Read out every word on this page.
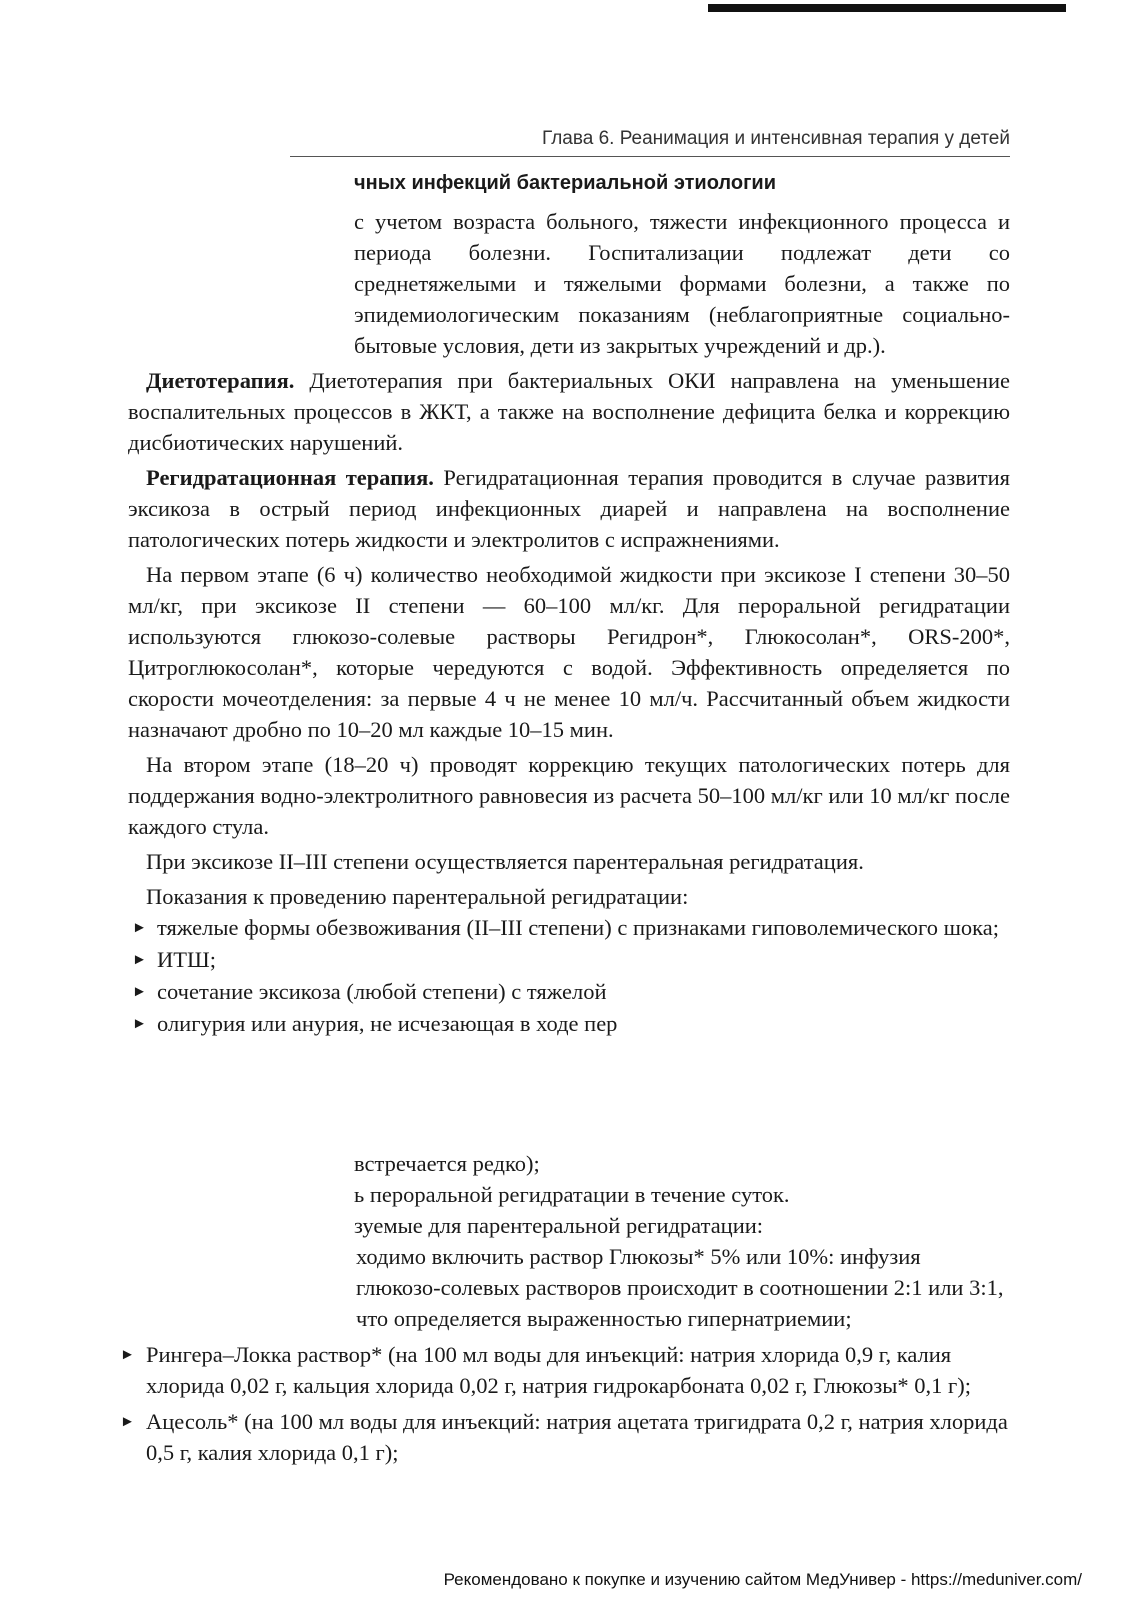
Глава 6. Реанимация и интенсивная терапия у детей
чных инфекций бактериальной этиологии

с учетом возраста больного, тяжести инфекционного процесса и периода болезни. Госпитализации подлежат дети со среднетяжелыми и тяжелыми формами болезни, а также по эпидемиологическим показаниям (неблагоприятные социально-бытовые условия, дети из закрытых учреждений и др.).

Диетотерапия. Диетотерапия при бактериальных ОКИ направлена на уменьшение воспалительных процессов в ЖКТ, а также на восполнение дефицита белка и коррекцию дисбиотических нарушений.

Регидратационная терапия. Регидратационная терапия проводится в случае развития эксикоза в острый период инфекционных диарей и направлена на восполнение патологических потерь жидкости и электролитов с испражнениями.

На первом этапе (6 ч) количество необходимой жидкости при эксикозе I степени 30–50 мл/кг, при эксикозе II степени — 60–100 мл/кг. Для пероральной регидратации используются глюкозо-солевые растворы Регидрон*, Глюкосолан*, ORS-200*, Цитроглюкосолан*, которые чередуются с водой. Эффективность определяется по скорости мочеотделения: за первые 4 ч не менее 10 мл/ч. Рассчитанный объем жидкости назначают дробно по 10–20 мл каждые 10–15 мин.

На втором этапе (18–20 ч) проводят коррекцию текущих патологических потерь для поддержания водно-электролитного равновесия из расчета 50–100 мл/кг или 10 мл/кг после каждого стула.

При эксикозе II–III степени осуществляется парентеральная регидратация.

Показания к проведению парентеральной регидратации:

► тяжелые формы обезвоживания (II–III степени) с признаками гиповолемического шока;
► ИТШ;
► сочетание эксикоза (любой степени) с тяжелой
► олигурия или анурия, не исчезающая в ходе пер
встречается редко);
ь пероральной регидратации в течение суток.
зуемые для парентеральной регидратации:
ходимо включить раствор Глюкозы* 5% или 10%: инфузия глюкозо-солевых растворов происходит в соотношении 2:1 или 3:1, что определяется выраженностью гипернатриемии;
► Рингера–Локка раствор* (на 100 мл воды для инъекций: натрия хлорида 0,9 г, калия хлорида 0,02 г, кальция хлорида 0,02 г, натрия гидрокарбоната 0,02 г, Глюкозы* 0,1 г);
► Ацесоль* (на 100 мл воды для инъекций: натрия ацетата тригидрата 0,2 г, натрия хлорида 0,5 г, калия хлорида 0,1 г);
Рекомендовано к покупке и изучению сайтом МедУнивер - https://meduniver.com/
